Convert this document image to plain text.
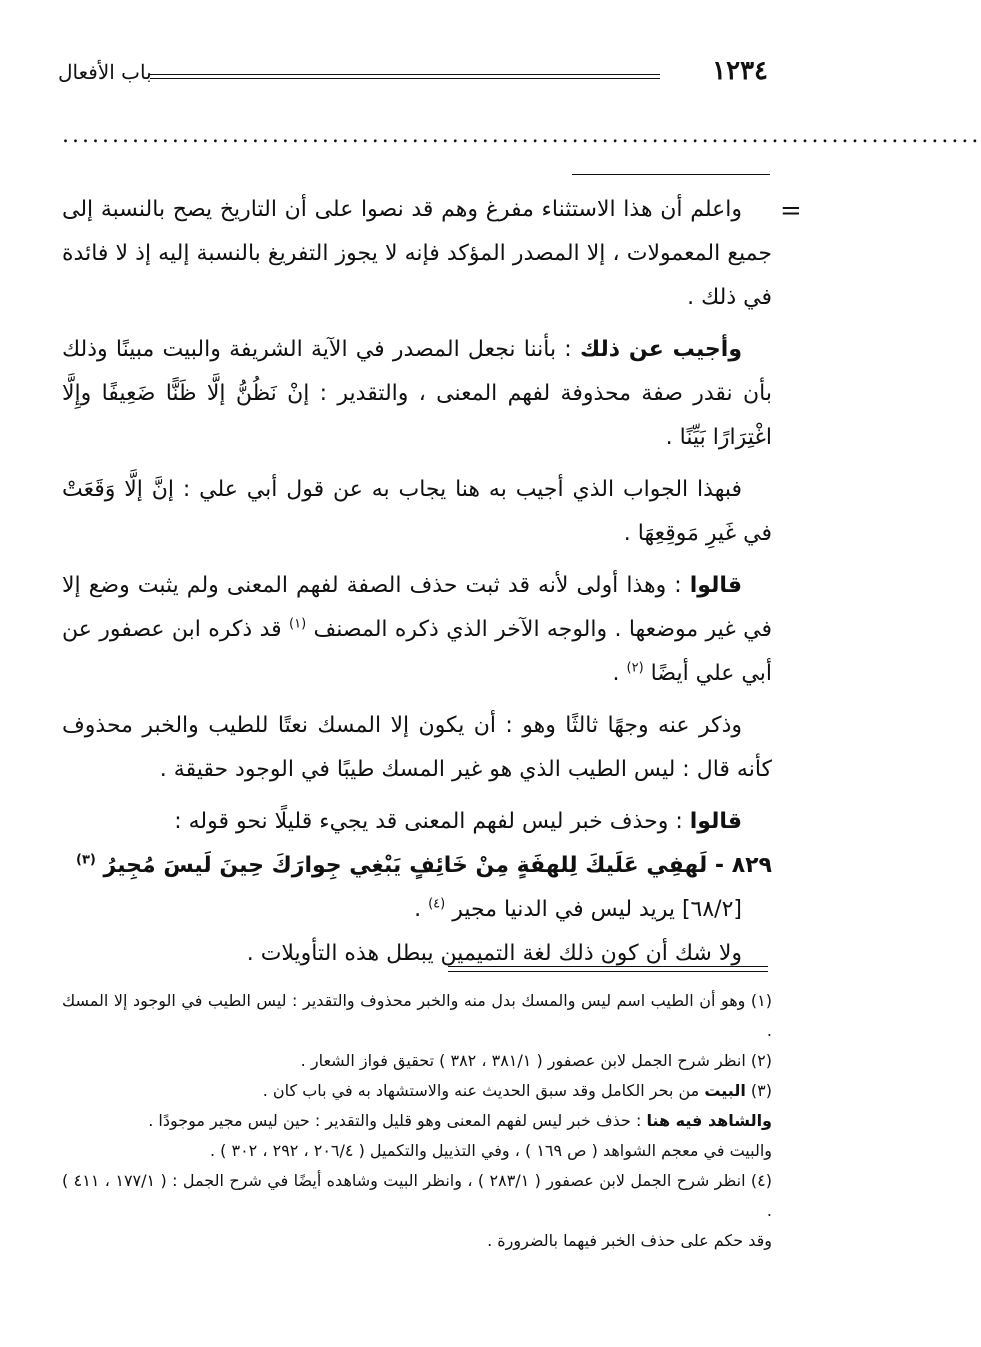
١٢٣٤
باب الأفعال
............................................................................................
=

واعلم أن هذا الاستثناء مفرغ وهم قد نصوا على أن التاريخ يصح بالنسبة إلى جميع المعمولات ، إلا المصدر المؤكد فإنه لا يجوز التفريغ بالنسبة إليه إذ لا فائدة في ذلك .

وأجيب عن ذلك : بأننا نجعل المصدر في الآية الشريفة والبيت مبينًا وذلك بأن نقدر صفة محذوفة لفهم المعنى ، والتقدير : إنْ نَظُنُّ إلَّا ظَنًّا ضَعِيفًا وإِلَّا اغْتِرَارًا بَيِّنًا .

فبهذا الجواب الذي أجيب به هنا يجاب به عن قول أبي علي : إنَّ إلَّا وَقَعَتْ في غَيرِ مَوقِعِهَا .

قالوا : وهذا أولى لأنه قد ثبت حذف الصفة لفهم المعنى ولم يثبت وضع إلا في غير موضعها . والوجه الآخر الذي ذكره المصنف $^{(١)}$ قد ذكره ابن عصفور عن أبي علي أيضًا $^{(٢)}$ .

وذكر عنه وجهًا ثالثًا وهو : أن يكون إلا المسك نعتًا للطيب والخبر محذوف كأنه قال : ليس الطيب الذي هو غير المسك طيبًا في الوجود حقيقة .

قالوا : وحذف خبر ليس لفهم المعنى قد يجيء قليلًا نحو قوله :

٨٢٩ - لَهفِي عَلَيكَ لِلهفَةٍ مِنْ خَائِفٍ
يَبْغِي جِوارَكَ حِينَ لَيسَ مُجِيرُ $^{(٣)}$

[٦٨/٢] يريد ليس في الدنيا مجير $^{(٤)}$ .

ولا شك أن كون ذلك لغة التميمين يبطل هذه التأويلات .

(١) وهو أن الطيب اسم ليس والمسك بدل منه والخبر محذوف والتقدير : ليس الطيب في الوجود إلا المسك .

(٢) انظر شرح الجمل لابن عصفور ( ٣٨١/١ ، ٣٨٢ ) تحقيق فواز الشعار .

(٣) البيت من بحر الكامل وقد سبق الحديث عنه والاستشهاد به في باب كان .

والشاهد فيه هنا : حذف خبر ليس لفهم المعنى وهو قليل والتقدير : حين ليس مجير موجودًا .

والبيت في معجم الشواهد ( ص ١٦٩ ) ، وفي التذييل والتكميل ( ٢٠٦/٤ ، ٢٩٢ ، ٣٠٢ ) .

(٤) انظر شرح الجمل لابن عصفور ( ٢٨٣/١ ) ، وانظر البيت وشاهده أيضًا في شرح الجمل : ( ١٧٧/١ ، ٤١١ ) .

وقد حكم على حذف الخبر فيهما بالضرورة .
